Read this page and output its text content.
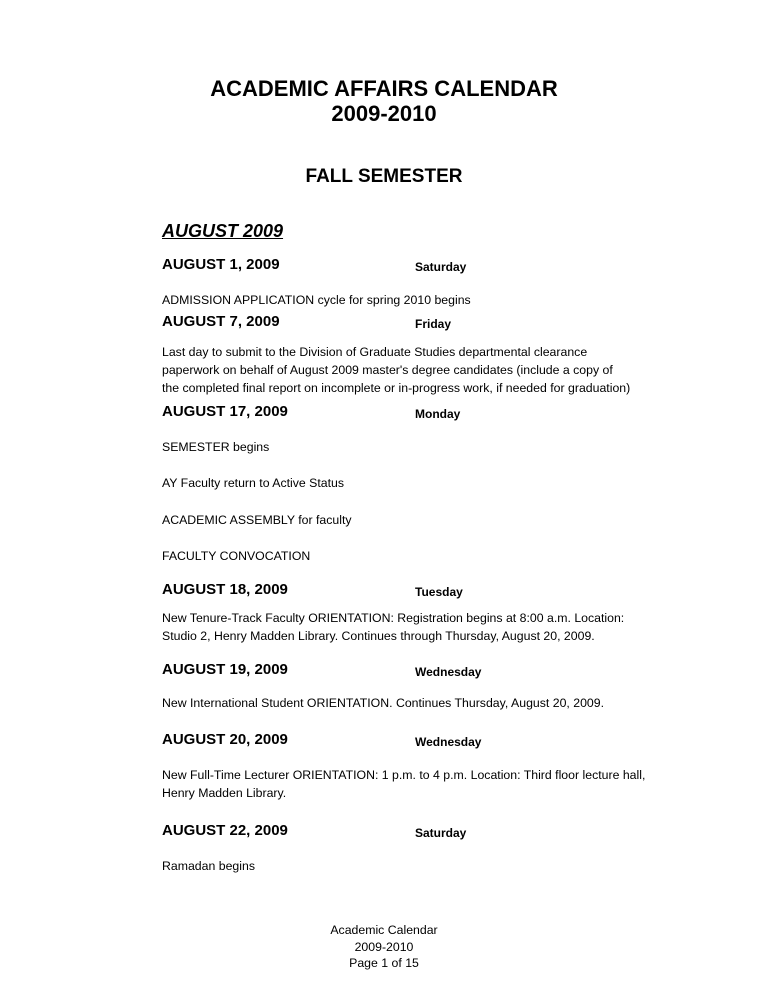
ACADEMIC AFFAIRS CALENDAR
2009-2010
FALL SEMESTER
AUGUST 2009
AUGUST 1, 2009	Saturday
ADMISSION APPLICATION cycle for spring 2010 begins
AUGUST 7, 2009	Friday
Last day to submit to the Division of Graduate Studies departmental clearance paperwork on behalf of August 2009 master's degree candidates (include a copy of the completed final report on incomplete or in-progress work, if needed for graduation)
AUGUST 17, 2009	Monday
SEMESTER begins
AY Faculty return to Active Status
ACADEMIC ASSEMBLY for faculty
FACULTY CONVOCATION
AUGUST 18, 2009	Tuesday
New Tenure-Track Faculty ORIENTATION: Registration begins at 8:00 a.m. Location: Studio 2, Henry Madden Library. Continues through Thursday, August 20, 2009.
AUGUST 19, 2009	Wednesday
New International Student ORIENTATION. Continues Thursday, August 20, 2009.
AUGUST 20, 2009	Wednesday
New Full-Time Lecturer ORIENTATION: 1 p.m. to 4 p.m. Location: Third floor lecture hall, Henry Madden Library.
AUGUST 22, 2009	Saturday
Ramadan begins
Academic Calendar
2009-2010
Page 1 of 15
